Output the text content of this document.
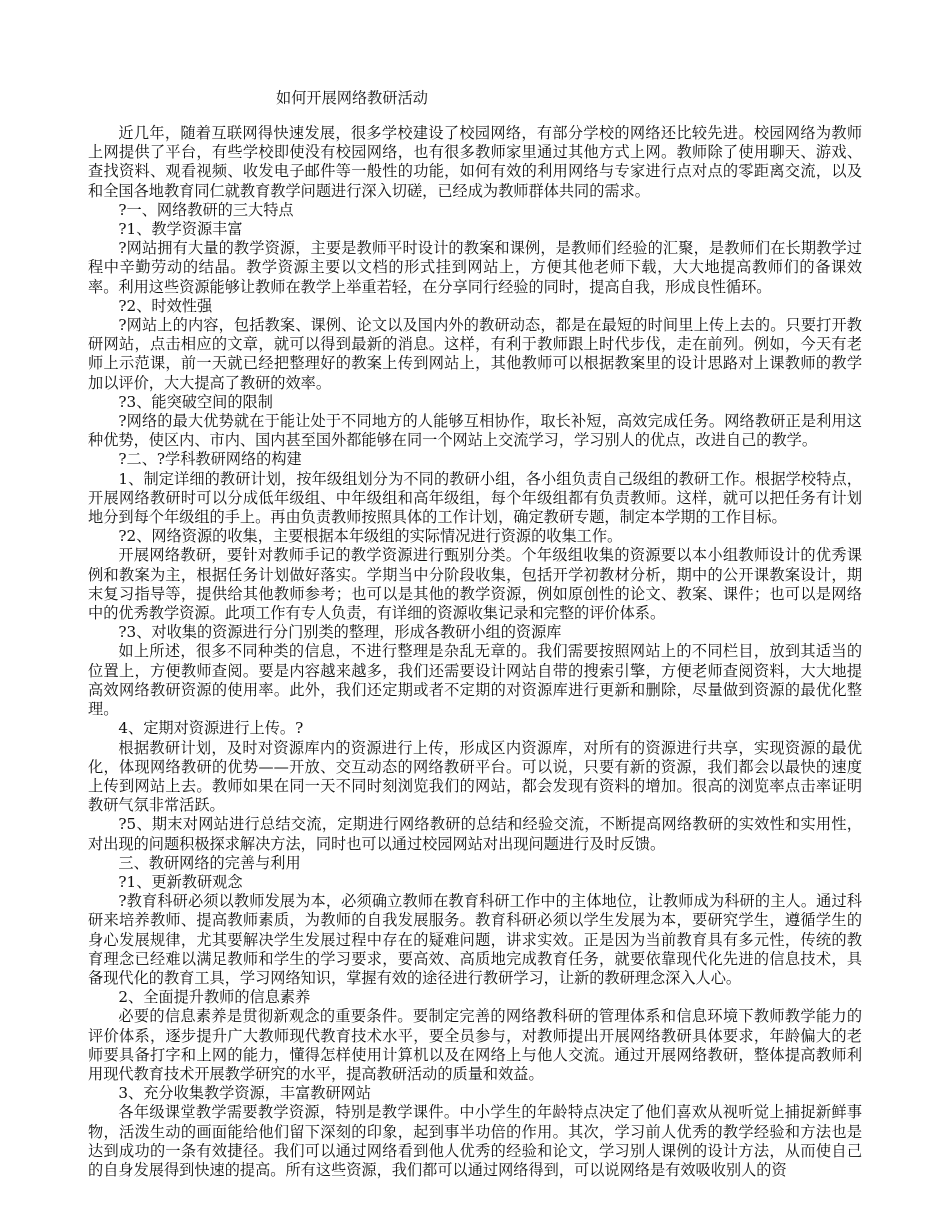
如何开展网络教研活动

近几年，随着互联网得快速发展，很多学校建设了校园网络，有部分学校的网络还比较先进。校园网络为教师上网提供了平台，有些学校即使没有校园网络，也有很多教师家里通过其他方式上网。教师除了使用聊天、游戏、查找资料、观看视频、收发电子邮件等一般性的功能，如何有效的利用网络与专家进行点对点的零距离交流，以及和全国各地教育同仁就教育教学问题进行深入切磋，已经成为教师群体共同的需求。

?一、网络教研的三大特点

?1、教学资源丰富

?网站拥有大量的教学资源，主要是教师平时设计的教案和课例，是教师们经验的汇聚，是教师们在长期教学过程中辛勤劳动的结晶。教学资源主要以文档的形式挂到网站上，方便其他老师下载，大大地提高教师们的备课效率。利用这些资源能够让教师在教学上举重若轻，在分享同行经验的同时，提高自我，形成良性循环。

?2、时效性强

?网站上的内容，包括教案、课例、论文以及国内外的教研动态，都是在最短的时间里上传上去的。只要打开教研网站，点击相应的文章，就可以得到最新的消息。这样，有利于教师跟上时代步伐，走在前列。例如，今天有老师上示范课，前一天就已经把整理好的教案上传到网站上，其他教师可以根据教案里的设计思路对上课教师的教学加以评价，大大提高了教研的效率。

?3、能突破空间的限制

?网络的最大优势就在于能让处于不同地方的人能够互相协作，取长补短，高效完成任务。网络教研正是利用这种优势，使区内、市内、国内甚至国外都能够在同一个网站上交流学习，学习别人的优点，改进自己的教学。

?二、?学科教研网络的构建

1、制定详细的教研计划，按年级组划分为不同的教研小组，各小组负责自己级组的教研工作。根据学校特点，开展网络教研时可以分成低年级组、中年级组和高年级组，每个年级组都有负责教师。这样，就可以把任务有计划地分到每个年级组的手上。再由负责教师按照具体的工作计划，确定教研专题，制定本学期的工作目标。

?2、网络资源的收集，主要根据本年级组的实际情况进行资源的收集工作。

开展网络教研，要针对教师手记的教学资源进行甄别分类。个年级组收集的资源要以本小组教师设计的优秀课例和教案为主，根据任务计划做好落实。学期当中分阶段收集，包括开学初教材分析，期中的公开课教案设计，期末复习指导等，提供给其他教师参考；也可以是其他的教学资源，例如原创性的论文、教案、课件；也可以是网络中的优秀教学资源。此项工作有专人负责，有详细的资源收集记录和完整的评价体系。

?3、对收集的资源进行分门别类的整理，形成各教研小组的资源库

如上所述，很多不同种类的信息，不进行整理是杂乱无章的。我们需要按照网站上的不同栏目，放到其适当的位置上，方便教师查阅。要是内容越来越多，我们还需要设计网站自带的搜索引擎，方便老师查阅资料，大大地提高效网络教研资源的使用率。此外，我们还定期或者不定期的对资源库进行更新和删除，尽量做到资源的最优化整理。

4、定期对资源进行上传。?

根据教研计划，及时对资源库内的资源进行上传，形成区内资源库，对所有的资源进行共享，实现资源的最优化，体现网络教研的优势——开放、交互动态的网络教研平台。可以说，只要有新的资源，我们都会以最快的速度上传到网站上去。教师如果在同一天不同时刻浏览我们的网站，都会发现有资料的增加。很高的浏览率点击率证明教研气氛非常活跃。

?5、期末对网站进行总结交流，定期进行网络教研的总结和经验交流，不断提高网络教研的实效性和实用性，对出现的问题积极探求解决方法，同时也可以通过校园网站对出现问题进行及时反馈。

三、教研网络的完善与利用

?1、更新教研观念

?教育科研必须以教师发展为本，必须确立教师在教育科研工作中的主体地位，让教师成为科研的主人。通过科研来培养教师、提高教师素质，为教师的自我发展服务。教育科研必须以学生发展为本，要研究学生，遵循学生的身心发展规律，尤其要解决学生发展过程中存在的疑难问题，讲求实效。正是因为当前教育具有多元性，传统的教育理念已经难以满足教师和学生的学习要求，要高效、高质地完成教育任务，就要依靠现代化先进的信息技术，具备现代化的教育工具，学习网络知识，掌握有效的途径进行教研学习，让新的教研理念深入人心。

2、全面提升教师的信息素养

必要的信息素养是贯彻新观念的重要条件。要制定完善的网络教科研的管理体系和信息环境下教师教学能力的评价体系，逐步提升广大教师现代教育技术水平，要全员参与，对教师提出开展网络教研具体要求，年龄偏大的老师要具备打字和上网的能力，懂得怎样使用计算机以及在网络上与他人交流。通过开展网络教研，整体提高教师利用现代教育技术开展教学研究的水平，提高教研活动的质量和效益。

3、充分收集教学资源，丰富教研网站

各年级课堂教学需要教学资源，特别是教学课件。中小学生的年龄特点决定了他们喜欢从视听觉上捕捉新鲜事物，活泼生动的画面能给他们留下深刻的印象，起到事半功倍的作用。其次，学习前人优秀的教学经验和方法也是达到成功的一条有效捷径。我们可以通过网络看到他人优秀的经验和论文，学习别人课例的设计方法，从而使自己的自身发展得到快速的提高。所有这些资源，我们都可以通过网络得到，可以说网络是有效吸收别人的资
